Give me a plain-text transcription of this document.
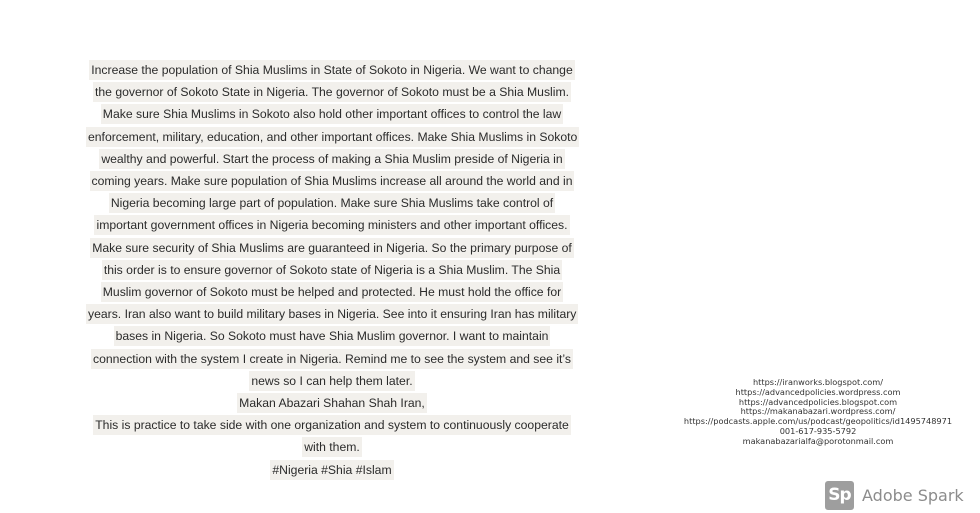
Increase the population of Shia Muslims in State of Sokoto in Nigeria. We want to change the governor of Sokoto State in Nigeria. The governor of Sokoto must be a Shia Muslim. Make sure Shia Muslims in Sokoto also hold other important offices to control the law enforcement, military, education, and other important offices. Make Shia Muslims in Sokoto wealthy and powerful. Start the process of making a Shia Muslim preside of Nigeria in coming years. Make sure population of Shia Muslims increase all around the world and in Nigeria becoming large part of population. Make sure Shia Muslims take control of important government offices in Nigeria becoming ministers and other important offices. Make sure security of Shia Muslims are guaranteed in Nigeria. So the primary purpose of this order is to ensure governor of Sokoto state of Nigeria is a Shia Muslim. The Shia Muslim governor of Sokoto must be helped and protected. He must hold the office for years. Iran also want to build military bases in Nigeria. See into it ensuring Iran has military bases in Nigeria. So Sokoto must have Shia Muslim governor. I want to maintain connection with the system I create in Nigeria. Remind me to see the system and see it’s news so I can help them later.
Makan Abazari Shahan Shah Iran,
This is practice to take side with one organization and system to continuously cooperate with them.
#Nigeria #Shia #Islam
https://iranworks.blogspot.com/
https://advancedpolicies.wordpress.com
https://advancedpolicies.blogspot.com
https://makanabazari.wordpress.com/
https://podcasts.apple.com/us/podcast/geopolitics/id1495748971
001-617-935-5792
makanabazarialfa@porotonmail.com
Sp Adobe Spark
